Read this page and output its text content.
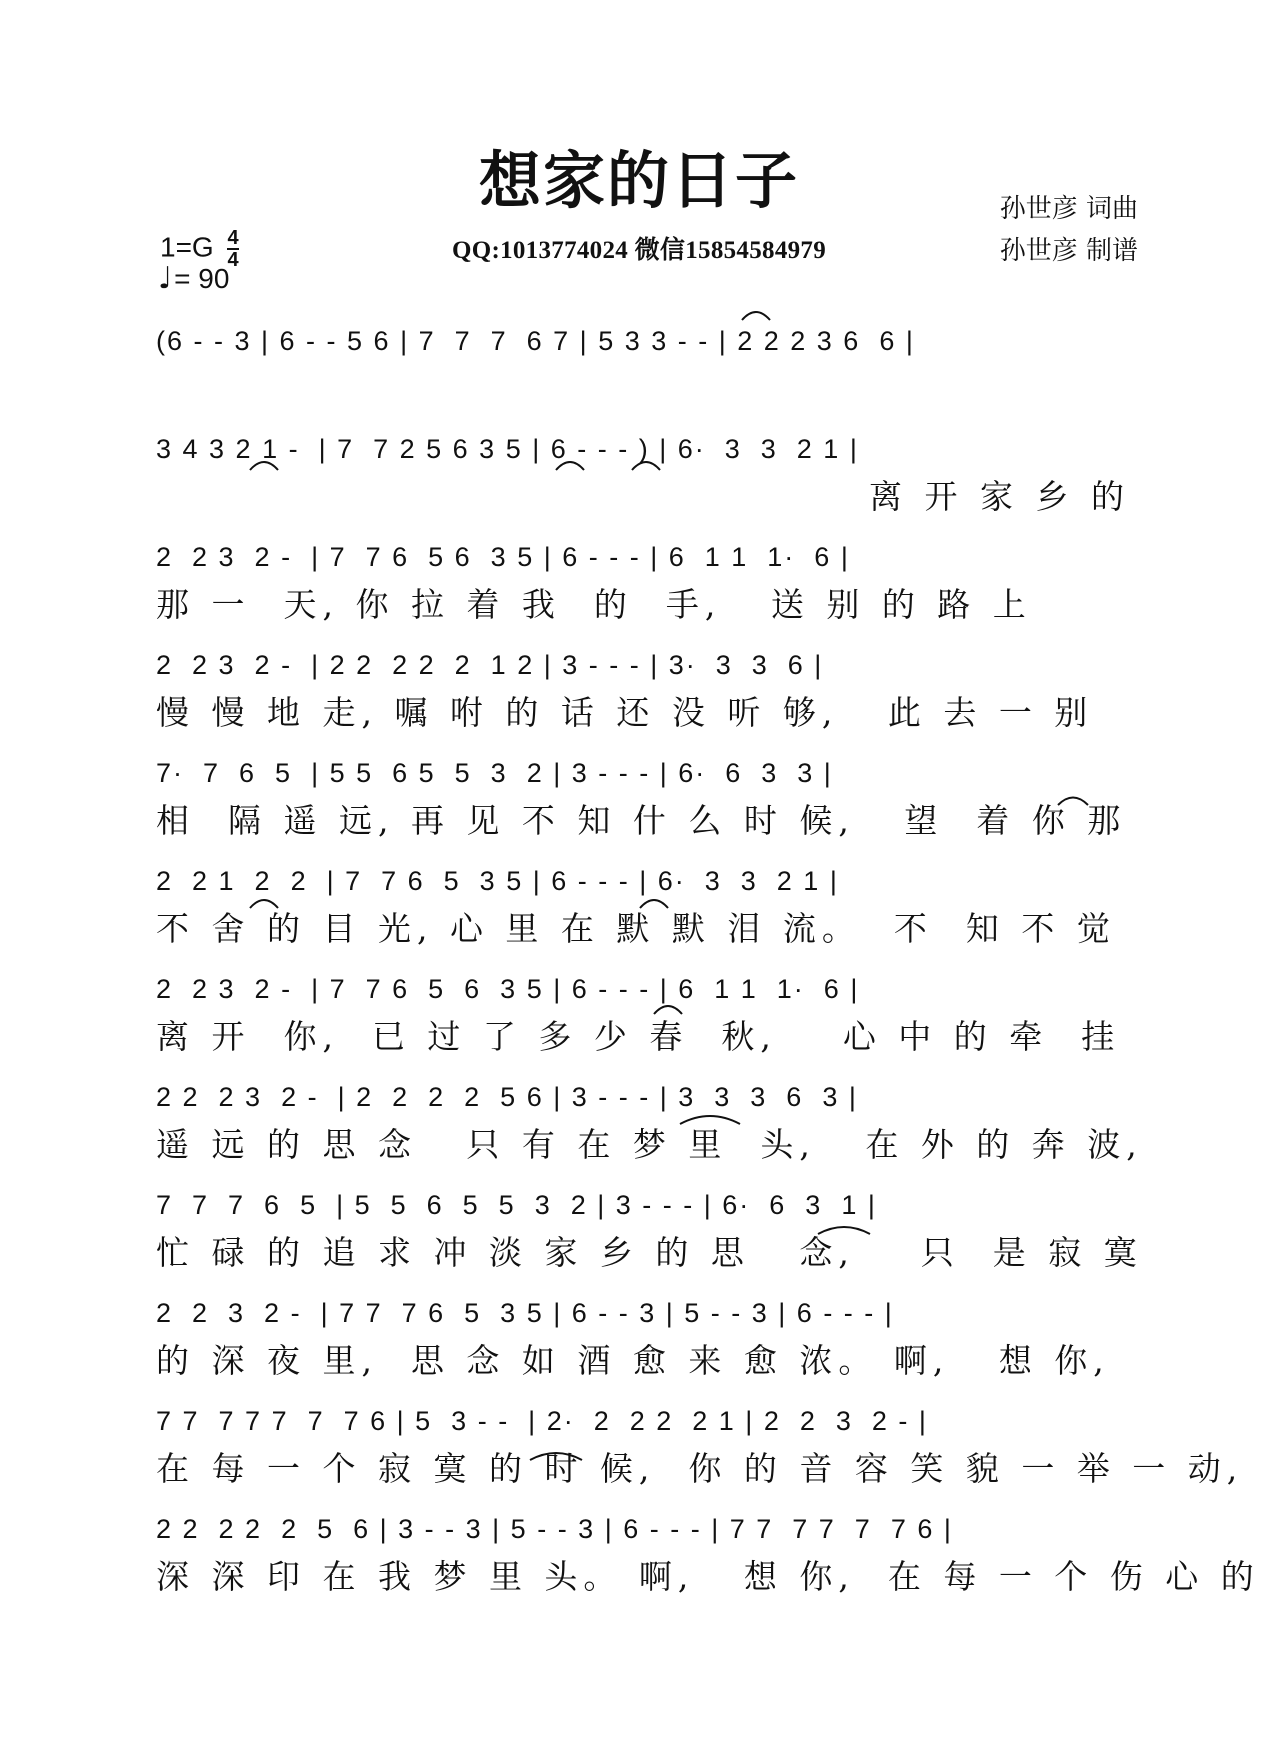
想家的日子	孙世彦 词曲
孙世彦 制谱
QQ:1013774024 微信15854584979
$1=G \frac{4}{4}$
♩= 90
(6 - - 3 | 6 - - 5 6 | 7  7  7  6 7 | 5 3 3 - - | 2 2 2 3 6  6 |
3 4 3 2 1 -  | 7  7 2 5 6 3 5 | 6 - - - ) | 6·  3  3  2 1 |
离 开 家 乡 的
2  2 3  2 -  | 7  7 6  5 6  3 5 | 6 - - - | 6  1 1  1·  6 |
那 一  天, 你 拉 着 我  的  手,   送 别 的 路 上
2  2 3  2 -  | 2 2  2 2  2  1 2 | 3 - - - | 3·  3  3  6 |
慢 慢 地 走, 嘱 咐 的 话 还 没 听 够,   此 去 一 别
7·  7  6  5  | 5 5  6 5  5  3  2 | 3 - - - | 6·  6  3  3 |
相  隔 遥 远, 再 见 不 知 什 么 时 候,   望  着 你 那
2  2 1  2  2  | 7  7 6  5  3 5 | 6 - - - | 6·  3  3  2 1 |
不 舍 的 目 光, 心 里 在 默 默 泪 流。  不  知 不 觉
2  2 3  2 -  | 7  7 6  5  6  3 5 | 6 - - - | 6  1 1  1·  6 |
离 开  你,  已 过 了 多 少 春  秋,    心 中 的 牵  挂
2 2  2 3  2 -  | 2  2  2  2  5 6 | 3 - - - | 3  3  3  6  3 |
遥 远 的 思 念   只 有 在 梦 里  头,   在 外 的 奔 波,
7  7  7  6  5  | 5  5  6  5  5  3  2 | 3 - - - | 6·  6  3  1 |
忙 碌 的 追 求 冲 淡 家 乡 的 思   念,    只  是 寂 寞
2  2  3  2 -  | 7 7  7 6  5  3 5 | 6 - - 3 | 5 - - 3 | 6 - - - |
的 深 夜 里,  思 念 如 酒 愈 来 愈 浓。 啊,   想 你,
7 7  7 7 7  7  7 6 | 5  3 - -  | 2·  2  2 2  2 1 | 2  2  3  2 - |
在 每 一 个 寂 寞 的 时 候,  你 的 音 容 笑 貌 一 举 一 动,
2 2  2 2  2  5  6 | 3 - - 3 | 5 - - 3 | 6 - - - | 7 7  7 7  7  7 6 |
深 深 印 在 我 梦 里 头。 啊,   想 你,  在 每 一 个 伤 心 的
